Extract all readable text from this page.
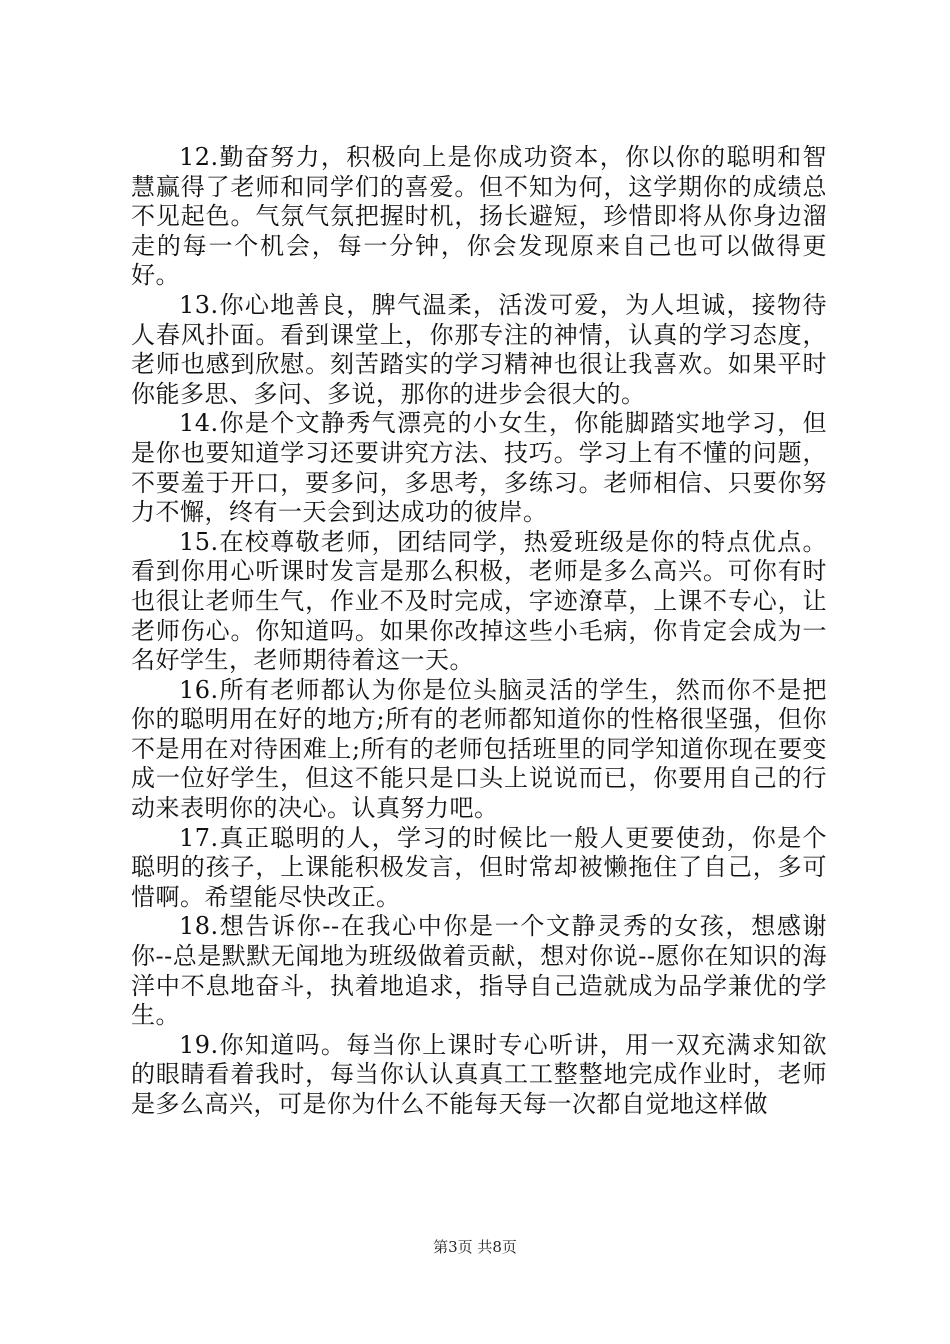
12.勤奋努力，积极向上是你成功资本，你以你的聪明和智慧赢得了老师和同学们的喜爱。但不知为何，这学期你的成绩总不见起色。气氛气氛把握时机，扬长避短，珍惜即将从你身边溜走的每一个机会，每一分钟，你会发现原来自己也可以做得更好。

13.你心地善良，脾气温柔，活泼可爱，为人坦诚，接物待人春风扑面。看到课堂上，你那专注的神情，认真的学习态度，老师也感到欣慰。刻苦踏实的学习精神也很让我喜欢。如果平时你能多思、多问、多说，那你的进步会很大的。

14.你是个文静秀气漂亮的小女生，你能脚踏实地学习，但是你也要知道学习还要讲究方法、技巧。学习上有不懂的问题，不要羞于开口，要多问，多思考，多练习。老师相信、只要你努力不懈，终有一天会到达成功的彼岸。

15.在校尊敬老师，团结同学，热爱班级是你的特点优点。看到你用心听课时发言是那么积极，老师是多么高兴。可你有时也很让老师生气，作业不及时完成，字迹潦草，上课不专心，让老师伤心。你知道吗。如果你改掉这些小毛病，你肯定会成为一名好学生，老师期待着这一天。

16.所有老师都认为你是位头脑灵活的学生，然而你不是把你的聪明用在好的地方;所有的老师都知道你的性格很坚强，但你不是用在对待困难上;所有的老师包括班里的同学知道你现在要变成一位好学生，但这不能只是口头上说说而已，你要用自己的行动来表明你的决心。认真努力吧。

17.真正聪明的人，学习的时候比一般人更要使劲，你是个聪明的孩子，上课能积极发言，但时常却被懒拖住了自己，多可惜啊。希望能尽快改正。

18.想告诉你--在我心中你是一个文静灵秀的女孩，想感谢你--总是默默无闻地为班级做着贡献，想对你说--愿你在知识的海洋中不息地奋斗，执着地追求，指导自己造就成为品学兼优的学生。

19.你知道吗。每当你上课时专心听讲，用一双充满求知欲的眼睛看着我时，每当你认认真真工工整整地完成作业时，老师是多么高兴，可是你为什么不能每天每一次都自觉地这样做

第3页 共8页
